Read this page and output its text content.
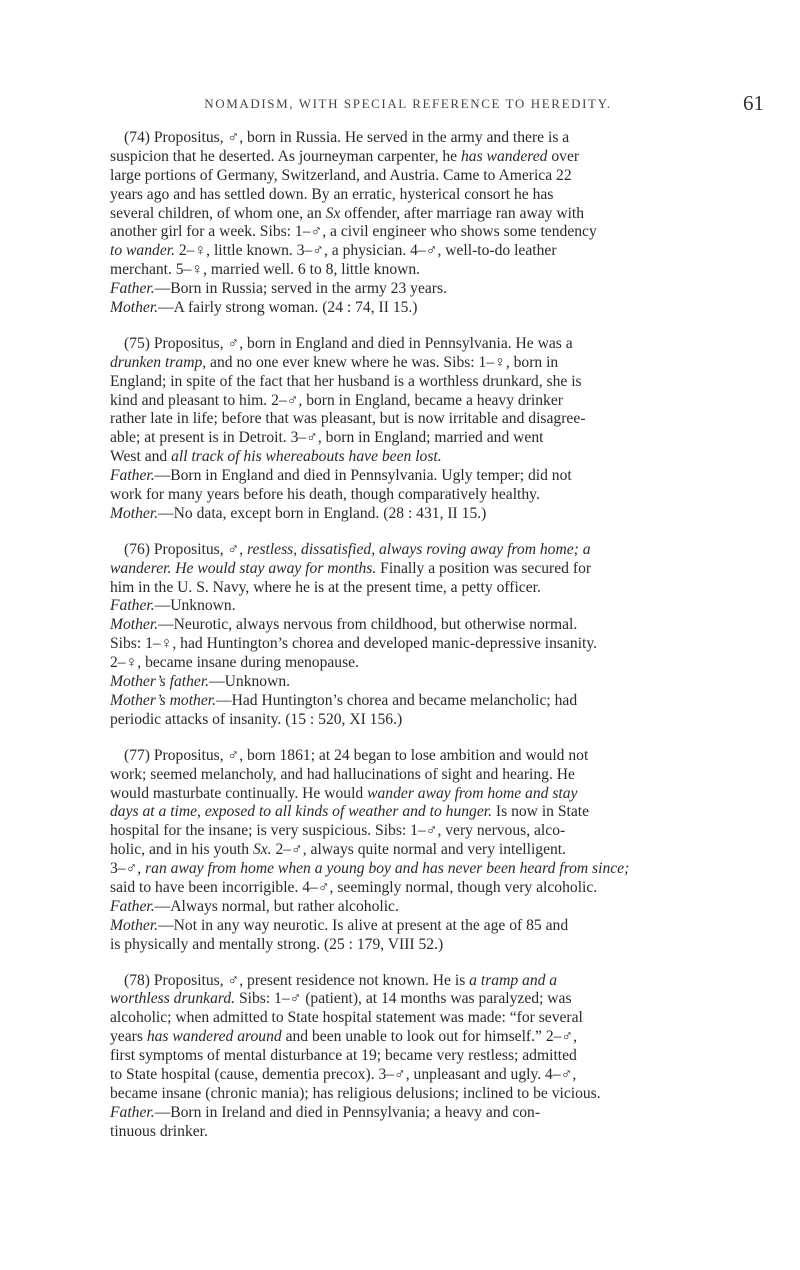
NOMADISM, WITH SPECIAL REFERENCE TO HEREDITY.	61
(74) Propositus, ♂, born in Russia. He served in the army and there is a
suspicion that he deserted. As journeyman carpenter, he has wandered over
large portions of Germany, Switzerland, and Austria. Came to America 22
years ago and has settled down. By an erratic, hysterical consort he has
several children, of whom one, an Sx offender, after marriage ran away with
another girl for a week. Sibs: 1–♂, a civil engineer who shows some tendency
to wander. 2–♀, little known. 3–♂, a physician. 4–♂, well-to-do leather
merchant. 5–♀, married well. 6 to 8, little known.
Father.—Born in Russia; served in the army 23 years.
Mother.—A fairly strong woman. (24 : 74, II 15.)
(75) Propositus, ♂, born in England and died in Pennsylvania. He was a
drunken tramp, and no one ever knew where he was. Sibs: 1–♀, born in
England; in spite of the fact that her husband is a worthless drunkard, she is
kind and pleasant to him. 2–♂, born in England, became a heavy drinker
rather late in life; before that was pleasant, but is now irritable and disagree-
able; at present is in Detroit. 3–♂, born in England; married and went
West and all track of his whereabouts have been lost.
Father.—Born in England and died in Pennsylvania. Ugly temper; did not
work for many years before his death, though comparatively healthy.
Mother.—No data, except born in England. (28 : 431, II 15.)
(76) Propositus, ♂, restless, dissatisfied, always roving away from home; a
wanderer. He would stay away for months. Finally a position was secured for
him in the U. S. Navy, where he is at the present time, a petty officer.
Father.—Unknown.
Mother.—Neurotic, always nervous from childhood, but otherwise normal.
Sibs: 1–♀, had Huntington’s chorea and developed manic-depressive insanity.
2–♀, became insane during menopause.
Mother’s father.—Unknown.
Mother’s mother.—Had Huntington’s chorea and became melancholic; had
periodic attacks of insanity. (15 : 520, XI 156.)
(77) Propositus, ♂, born 1861; at 24 began to lose ambition and would not
work; seemed melancholy, and had hallucinations of sight and hearing. He
would masturbate continually. He would wander away from home and stay
days at a time, exposed to all kinds of weather and to hunger. Is now in State
hospital for the insane; is very suspicious. Sibs: 1–♂, very nervous, alco-
holic, and in his youth Sx. 2–♂, always quite normal and very intelligent.
3–♂, ran away from home when a young boy and has never been heard from since;
said to have been incorrigible. 4–♂, seemingly normal, though very alcoholic.
Father.—Always normal, but rather alcoholic.
Mother.—Not in any way neurotic. Is alive at present at the age of 85 and
is physically and mentally strong. (25 : 179, VIII 52.)
(78) Propositus, ♂, present residence not known. He is a tramp and a
worthless drunkard. Sibs: 1–♂ (patient), at 14 months was paralyzed; was
alcoholic; when admitted to State hospital statement was made: “for several
years has wandered around and been unable to look out for himself.” 2–♂,
first symptoms of mental disturbance at 19; became very restless; admitted
to State hospital (cause, dementia precox). 3–♂, unpleasant and ugly. 4–♂,
became insane (chronic mania); has religious delusions; inclined to be vicious.
Father.—Born in Ireland and died in Pennsylvania; a heavy and con-
tinuous drinker.
